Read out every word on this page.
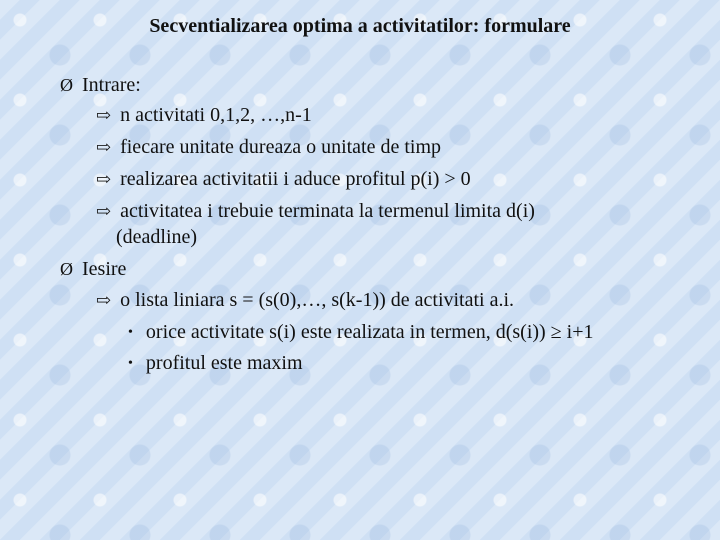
Secventializarea optima a activitatilor: formulare
Ø Intrare:
⇨ n activitati 0,1,2, …,n-1
⇨ fiecare unitate dureaza o unitate de timp
⇨ realizarea activitatii i aduce profitul p(i) > 0
⇨ activitatea i trebuie terminata la termenul limita d(i)
(deadline)
Ø Iesire
⇨ o lista liniara s = (s(0),…, s(k-1)) de activitati a.i.
• orice activitate s(i) este realizata in termen, d(s(i)) ≥ i+1
• profitul este maxim
